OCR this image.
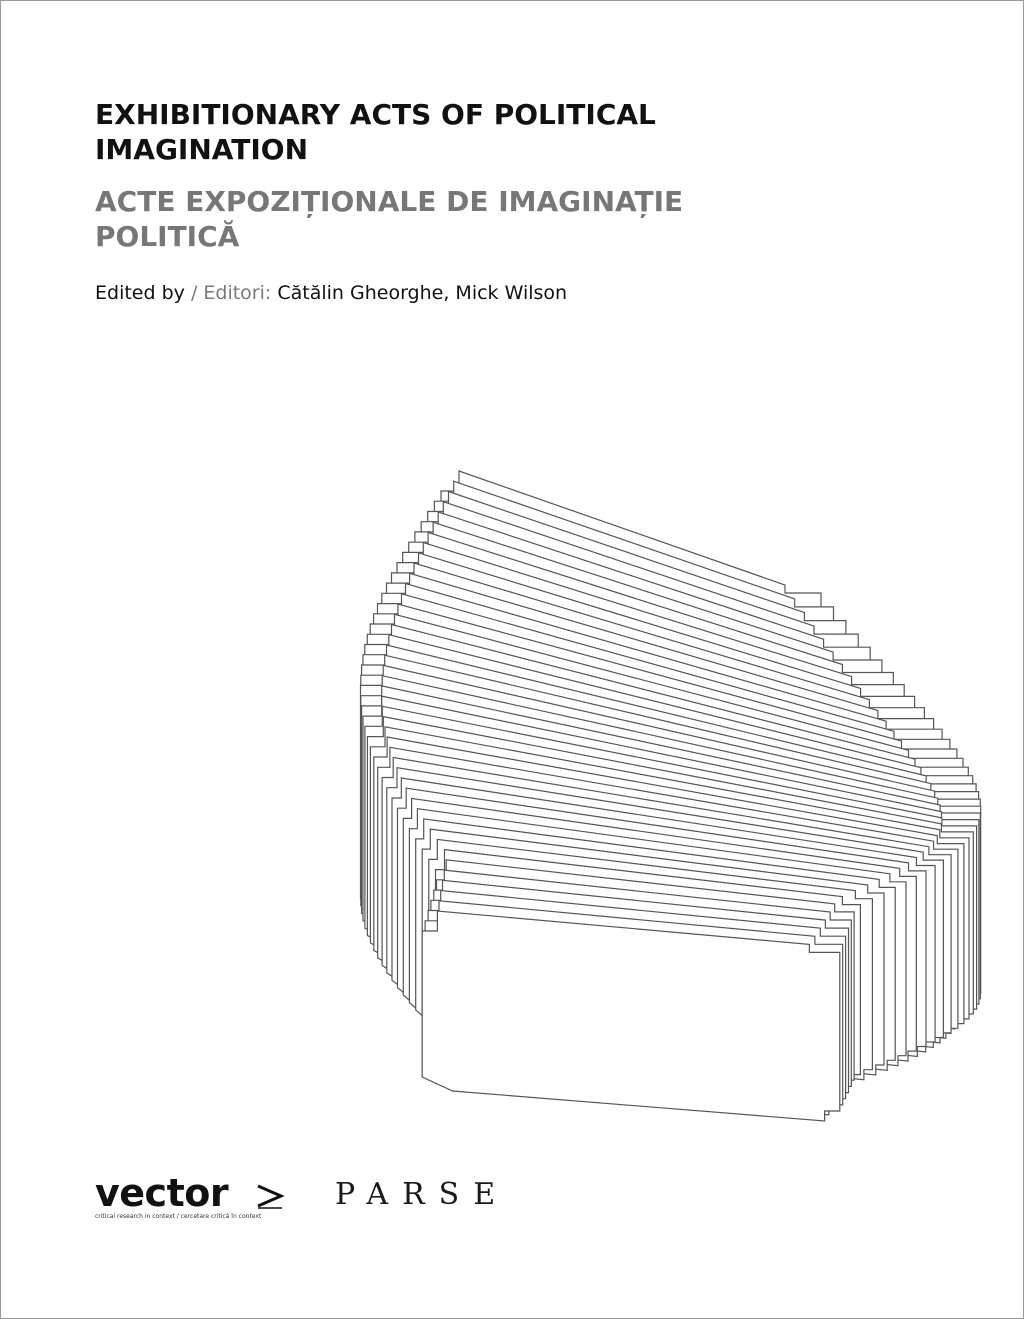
EXHIBITIONARY ACTS OF POLITICAL
IMAGINATION
ACTE EXPOZIȚIONALE DE IMAGINAȚIE
POLITICĂ
Edited by / Editori: Cătălin Gheorghe, Mick Wilson
vector
critical research in context / cercetare critică în context
PARSE
